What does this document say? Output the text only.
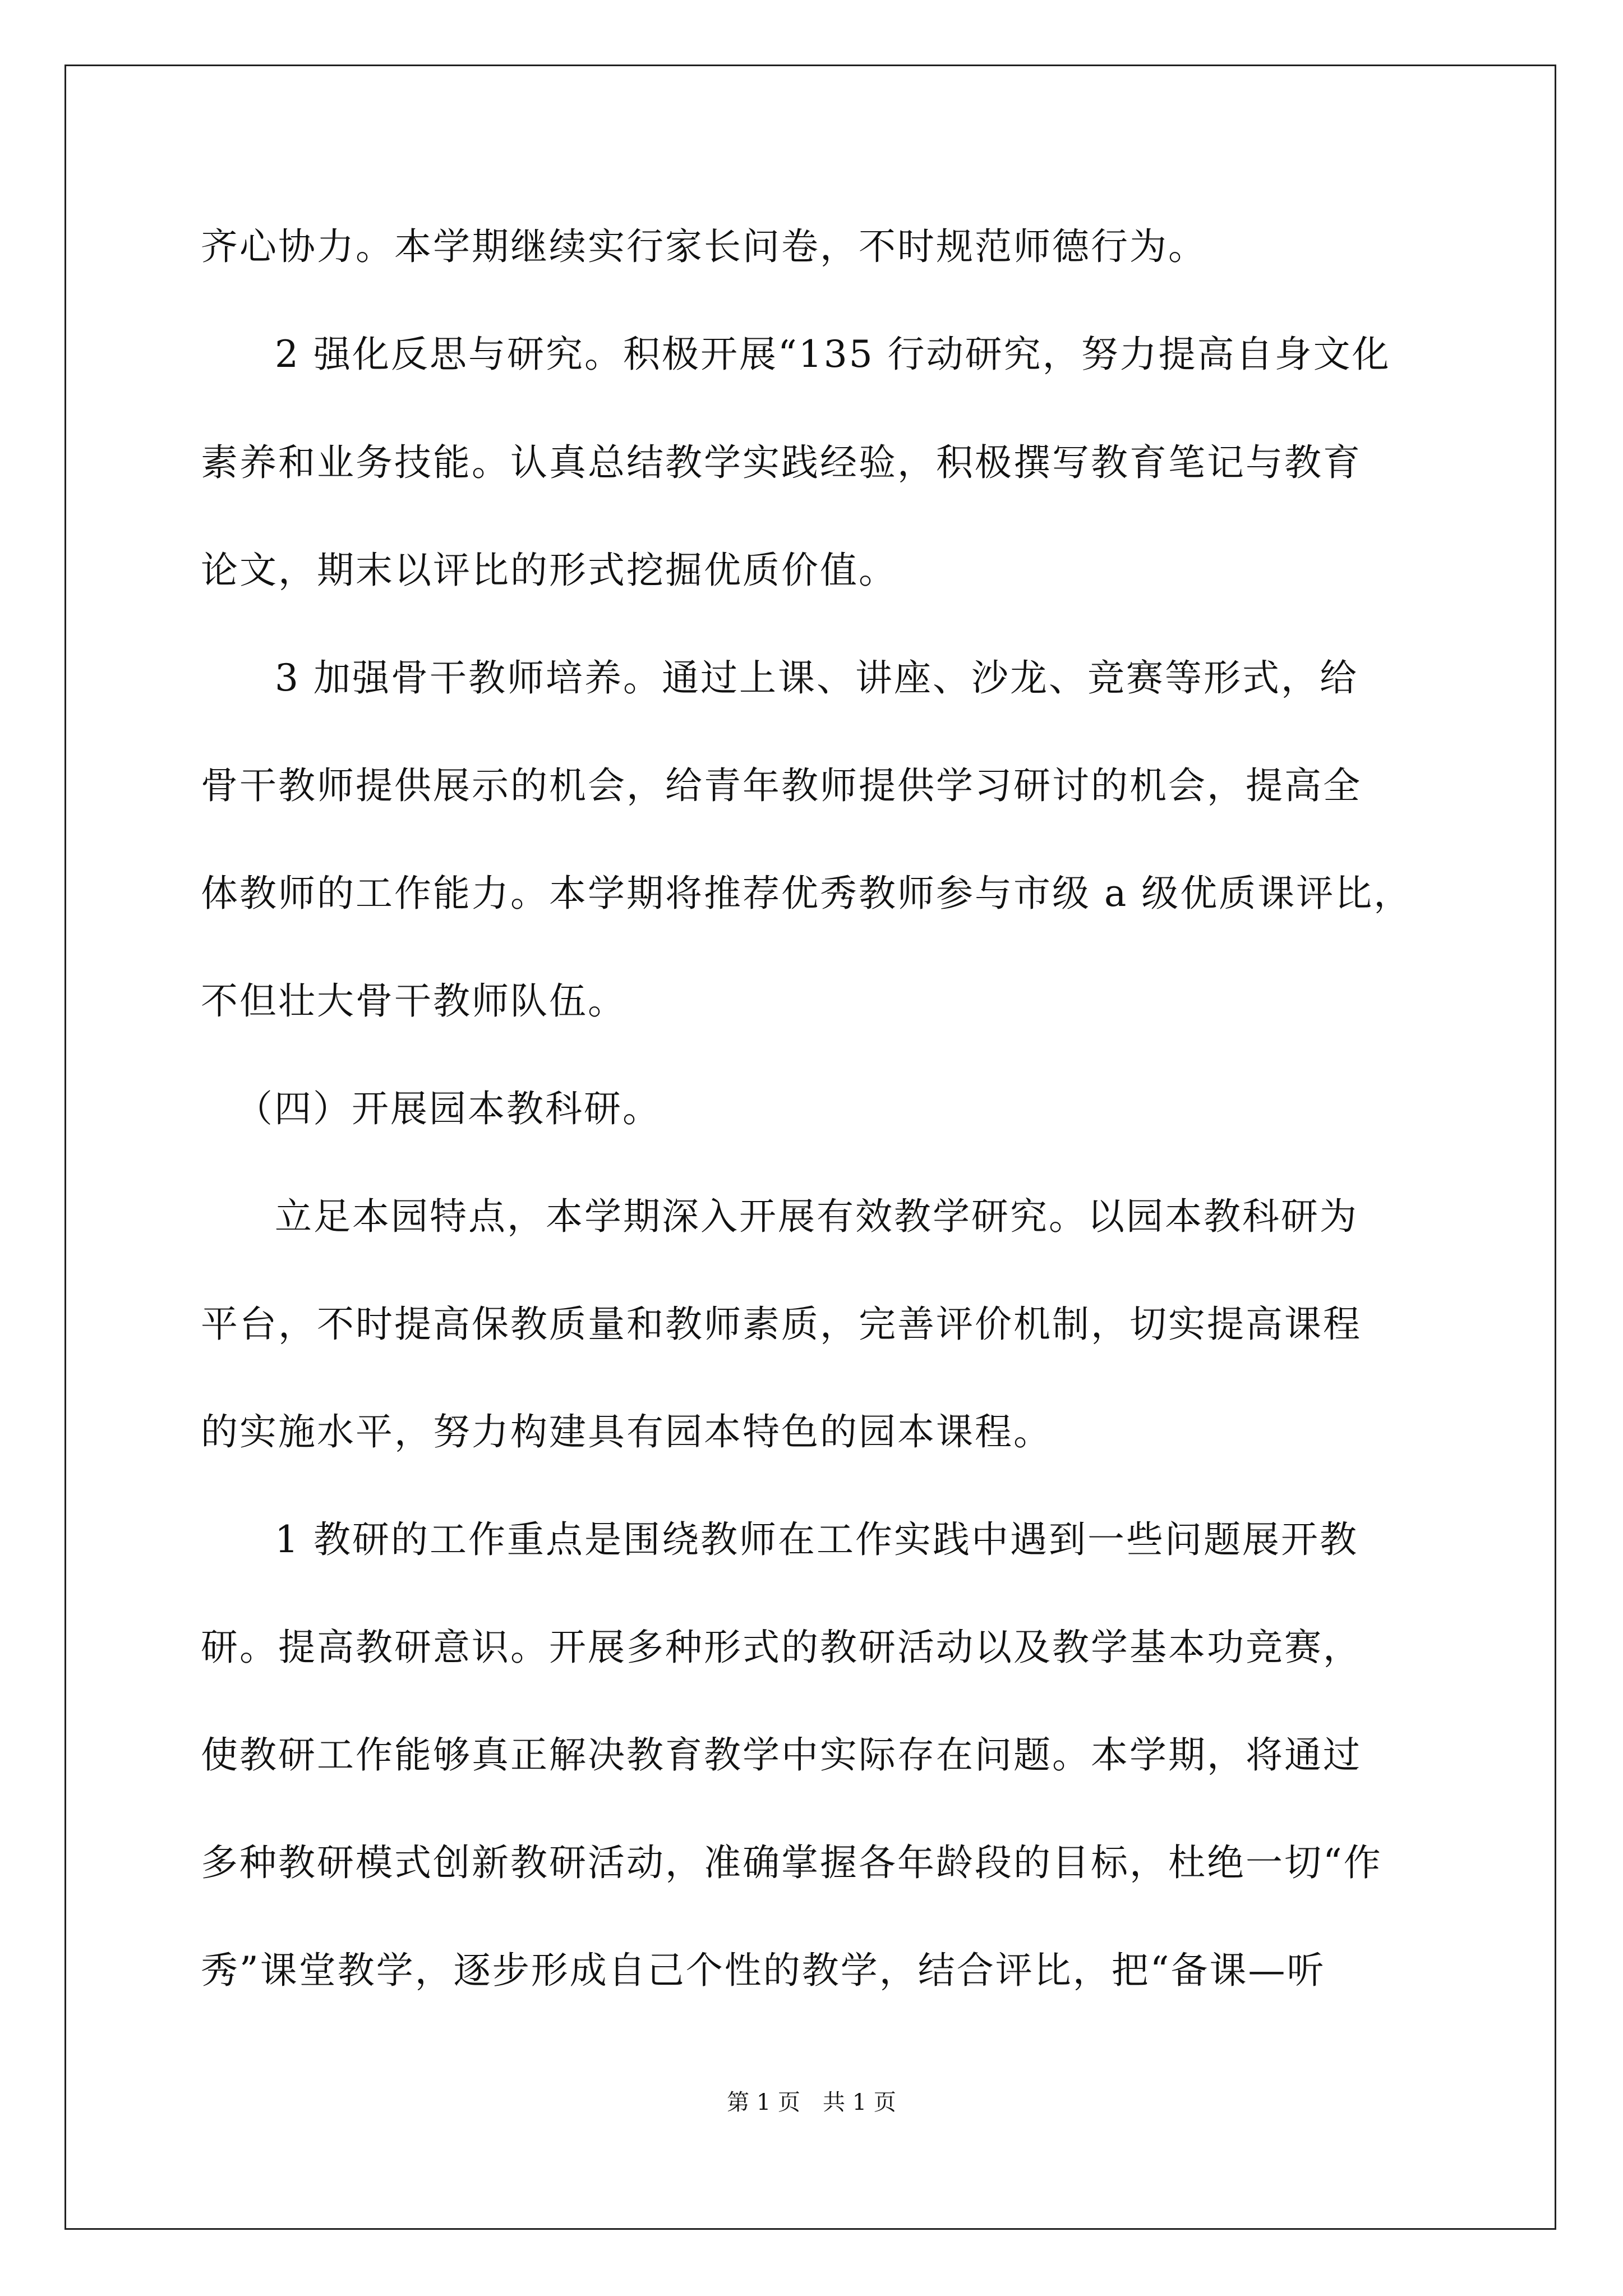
齐心协力。本学期继续实行家长问卷，不时规范师德行为。
2 强化反思与研究。积极开展“135 行动研究，努力提高自身文化
素养和业务技能。认真总结教学实践经验，积极撰写教育笔记与教育
论文，期末以评比的形式挖掘优质价值。
3 加强骨干教师培养。通过上课、讲座、沙龙、竞赛等形式，给
骨干教师提供展示的机会，给青年教师提供学习研讨的机会，提高全
体教师的工作能力。本学期将推荐优秀教师参与市级 a 级优质课评比，
不但壮大骨干教师队伍。
（四）开展园本教科研。
立足本园特点，本学期深入开展有效教学研究。以园本教科研为
平台，不时提高保教质量和教师素质，完善评价机制，切实提高课程
的实施水平，努力构建具有园本特色的园本课程。
1 教研的工作重点是围绕教师在工作实践中遇到一些问题展开教
研。提高教研意识。开展多种形式的教研活动以及教学基本功竞赛，
使教研工作能够真正解决教育教学中实际存在问题。本学期，将通过
多种教研模式创新教研活动，准确掌握各年龄段的目标，杜绝一切“作
秀”课堂教学，逐步形成自己个性的教学，结合评比，把“备课—听
第 1 页　共 1 页
